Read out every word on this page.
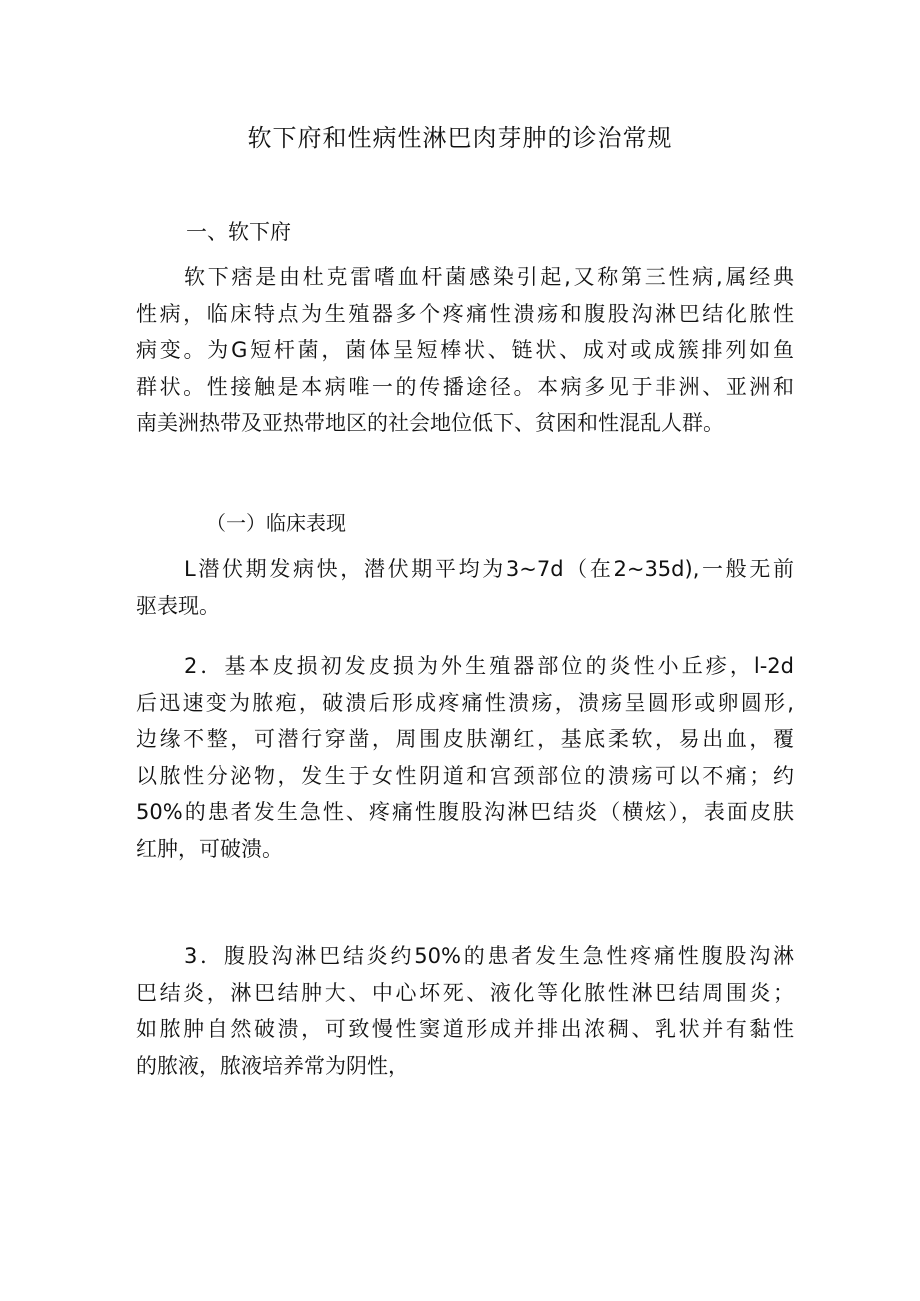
软下府和性病性淋巴肉芽肿的诊治常规
一、软下府
软下痞是由杜克雷嗜血杆菌感染引起,又称第三性病,属经典
性病，临床特点为生殖器多个疼痛性溃疡和腹股沟淋巴结化脓性
病变。为G短杆菌，菌体呈短棒状、链状、成对或成簇排列如鱼
群状。性接触是本病唯一的传播途径。本病多见于非洲、亚洲和
南美洲热带及亚热带地区的社会地位低下、贫困和性混乱人群。
（一）临床表现
L潜伏期发病快，潜伏期平均为3~7d（在2~35d),一般无前
驱表现。
2．基本皮损初发皮损为外生殖器部位的炎性小丘疹，l-2d
后迅速变为脓疱，破溃后形成疼痛性溃疡，溃疡呈圆形或卵圆形,
边缘不整，可潜行穿凿，周围皮肤潮红，基底柔软，易出血，覆
以脓性分泌物，发生于女性阴道和宫颈部位的溃疡可以不痛；约
50%的患者发生急性、疼痛性腹股沟淋巴结炎（横炫），表面皮肤
红肿，可破溃。
3．腹股沟淋巴结炎约50%的患者发生急性疼痛性腹股沟淋
巴结炎，淋巴结肿大、中心坏死、液化等化脓性淋巴结周围炎；
如脓肿自然破溃，可致慢性窦道形成并排出浓稠、乳状并有黏性
的脓液，脓液培养常为阴性，
